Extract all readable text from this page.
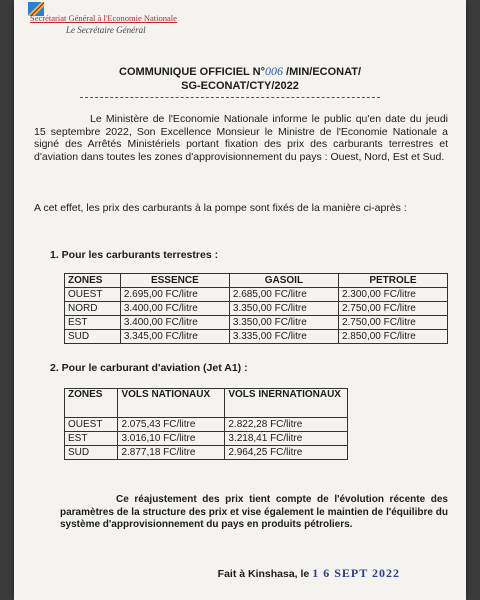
Secrétariat Général à l'Economie Nationale
Le Secrétaire Général
COMMUNIQUE OFFICIEL N°006 /MIN/ECONAT/
SG-ECONAT/CTY/2022
Le Ministère de l'Economie Nationale informe le public qu'en date du jeudi 15 septembre 2022, Son Excellence Monsieur le Ministre de l'Economie Nationale a signé des Arrêtés Ministériels portant fixation des prix des carburants terrestres et d'aviation dans toutes les zones d'approvisionnement du pays : Ouest, Nord, Est et Sud.
A cet effet, les prix des carburants à la pompe sont fixés de la manière ci-après :
1. Pour les carburants terrestres :
ZONES	ESSENCE	GASOIL	PETROLE
OUEST	2.695,00 FC/litre	2.685,00 FC/litre	2.300,00 FC/litre
NORD	3.400,00 FC/litre	3.350,00 FC/litre	2.750,00 FC/litre
EST	3.400,00 FC/litre	3.350,00 FC/litre	2.750,00 FC/litre
SUD	3.345,00 FC/litre	3.335,00 FC/litre	2.850,00 FC/litre
2. Pour le carburant d'aviation (Jet A1) :
ZONES	VOLS NATIONAUX	VOLS INERNATIONAUX
OUEST	2.075,43 FC/litre	2.822,28 FC/litre
EST	3.016,10 FC/litre	3.218,41 FC/litre
SUD	2.877,18 FC/litre	2.964,25 FC/litre
Ce réajustement des prix tient compte de l'évolution récente des paramètres de la structure des prix et vise également le maintien de l'équilibre du système d'approvisionnement du pays en produits pétroliers.
Fait à Kinshasa, le 1 6 SEPT 2022
